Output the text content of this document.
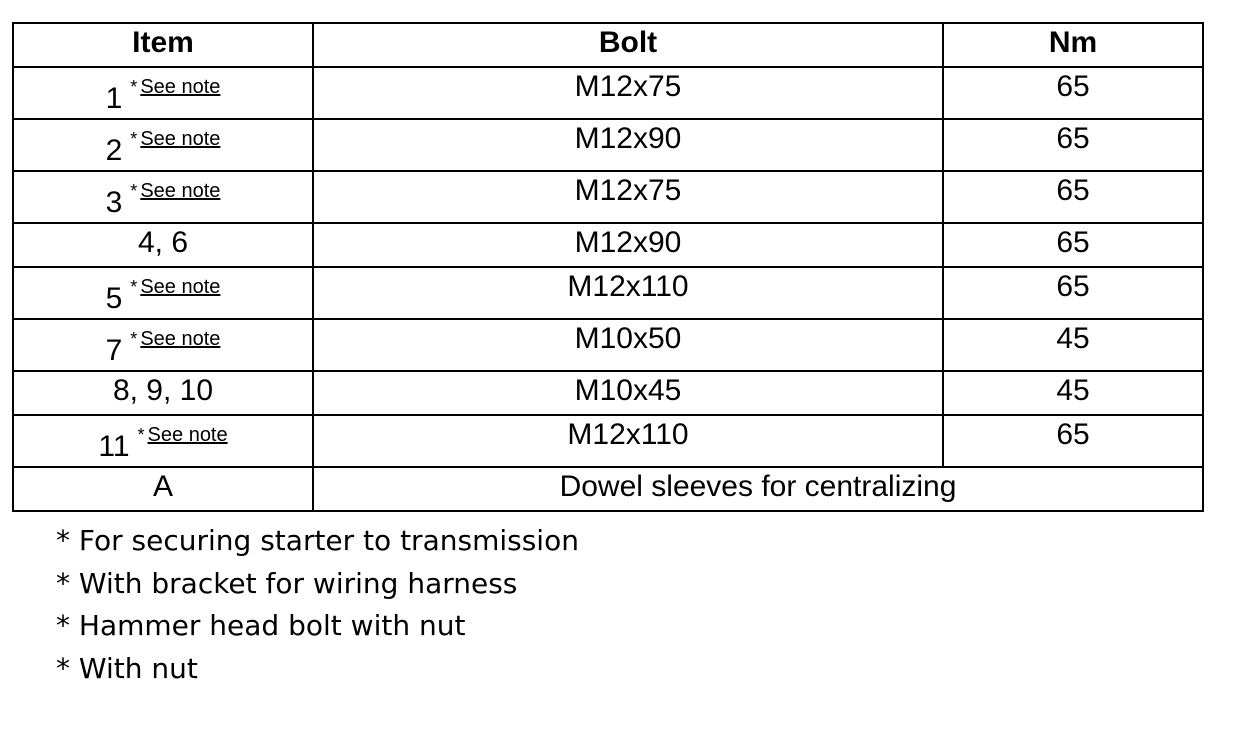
Item	Bolt	Nm
1 * See note	M12x75	65
2 * See note	M12x90	65
3 * See note	M12x75	65
4, 6	M12x90	65
5 * See note	M12x110	65
7 * See note	M10x50	45
8, 9, 10	M10x45	45
11 * See note	M12x110	65
A	Dowel sleeves for centralizing	
* For securing starter to transmission
* With bracket for wiring harness
* Hammer head bolt with nut
* With nut
